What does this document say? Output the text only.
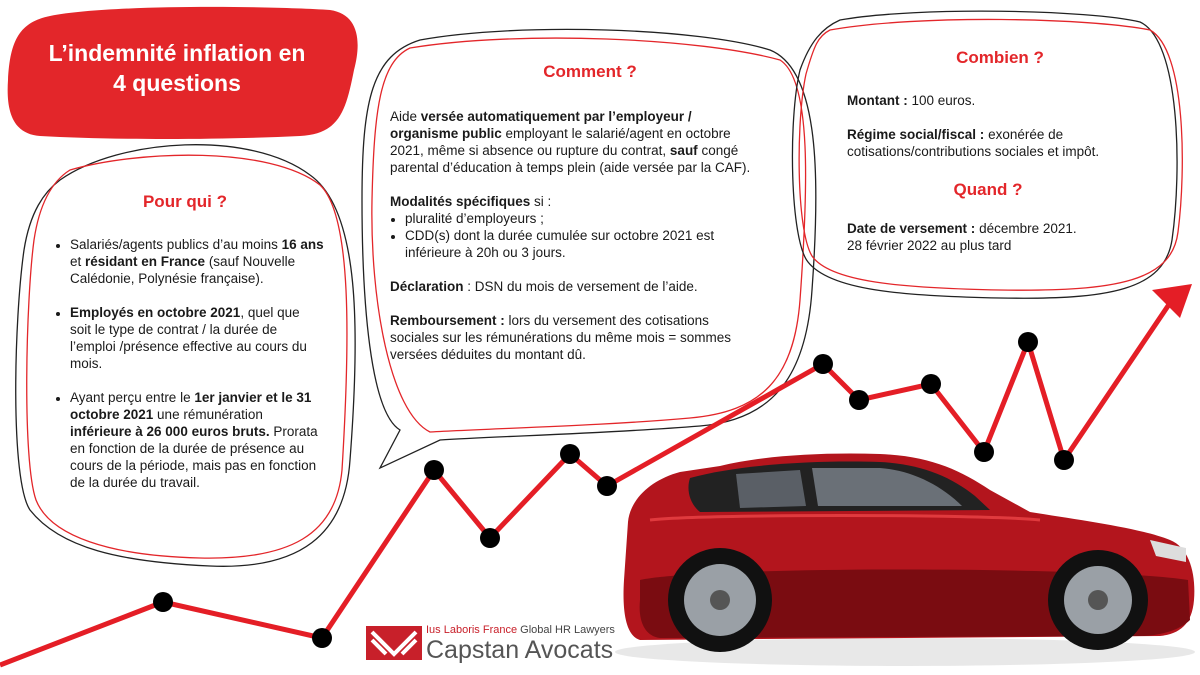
L’indemnité inflation en
4 questions
Pour qui ?
• Salariés/agents publics d’au moins 16 ans et résidant en France (sauf Nouvelle Calédonie, Polynésie française).
• Employés en octobre 2021, quel que soit le type de contrat / la durée de l’emploi /présence effective au cours du mois.
• Ayant perçu entre le 1er janvier et le 31 octobre 2021 une rémunération inférieure à 26 000 euros bruts. Prorata en fonction de la durée de présence au cours de la période, mais pas en fonction de la durée du travail.
Comment ?

Aide versée automatiquement par l’employeur / organisme public employant le salarié/agent en octobre 2021, même si absence ou rupture du contrat, sauf congé parental d’éducation à temps plein (aide versée par la CAF).

Modalités spécifiques si :

• pluralité d’employeurs ;
• CDD(s) dont la durée cumulée sur octobre 2021 est inférieure à 20h ou 3 jours.

Déclaration : DSN du mois de versement de l’aide.

Remboursement : lors du versement des cotisations sociales sur les rémunérations du même mois = sommes versées déduites du montant dû.

Combien ?

Montant : 100 euros.

Régime social/fiscal : exonérée de cotisations/contributions sociales et impôt.

Quand ?

Date de versement : décembre 2021.

28 février 2022 au plus tard

Ius Laboris France Global HR Lawyers
Capstan Avocats
